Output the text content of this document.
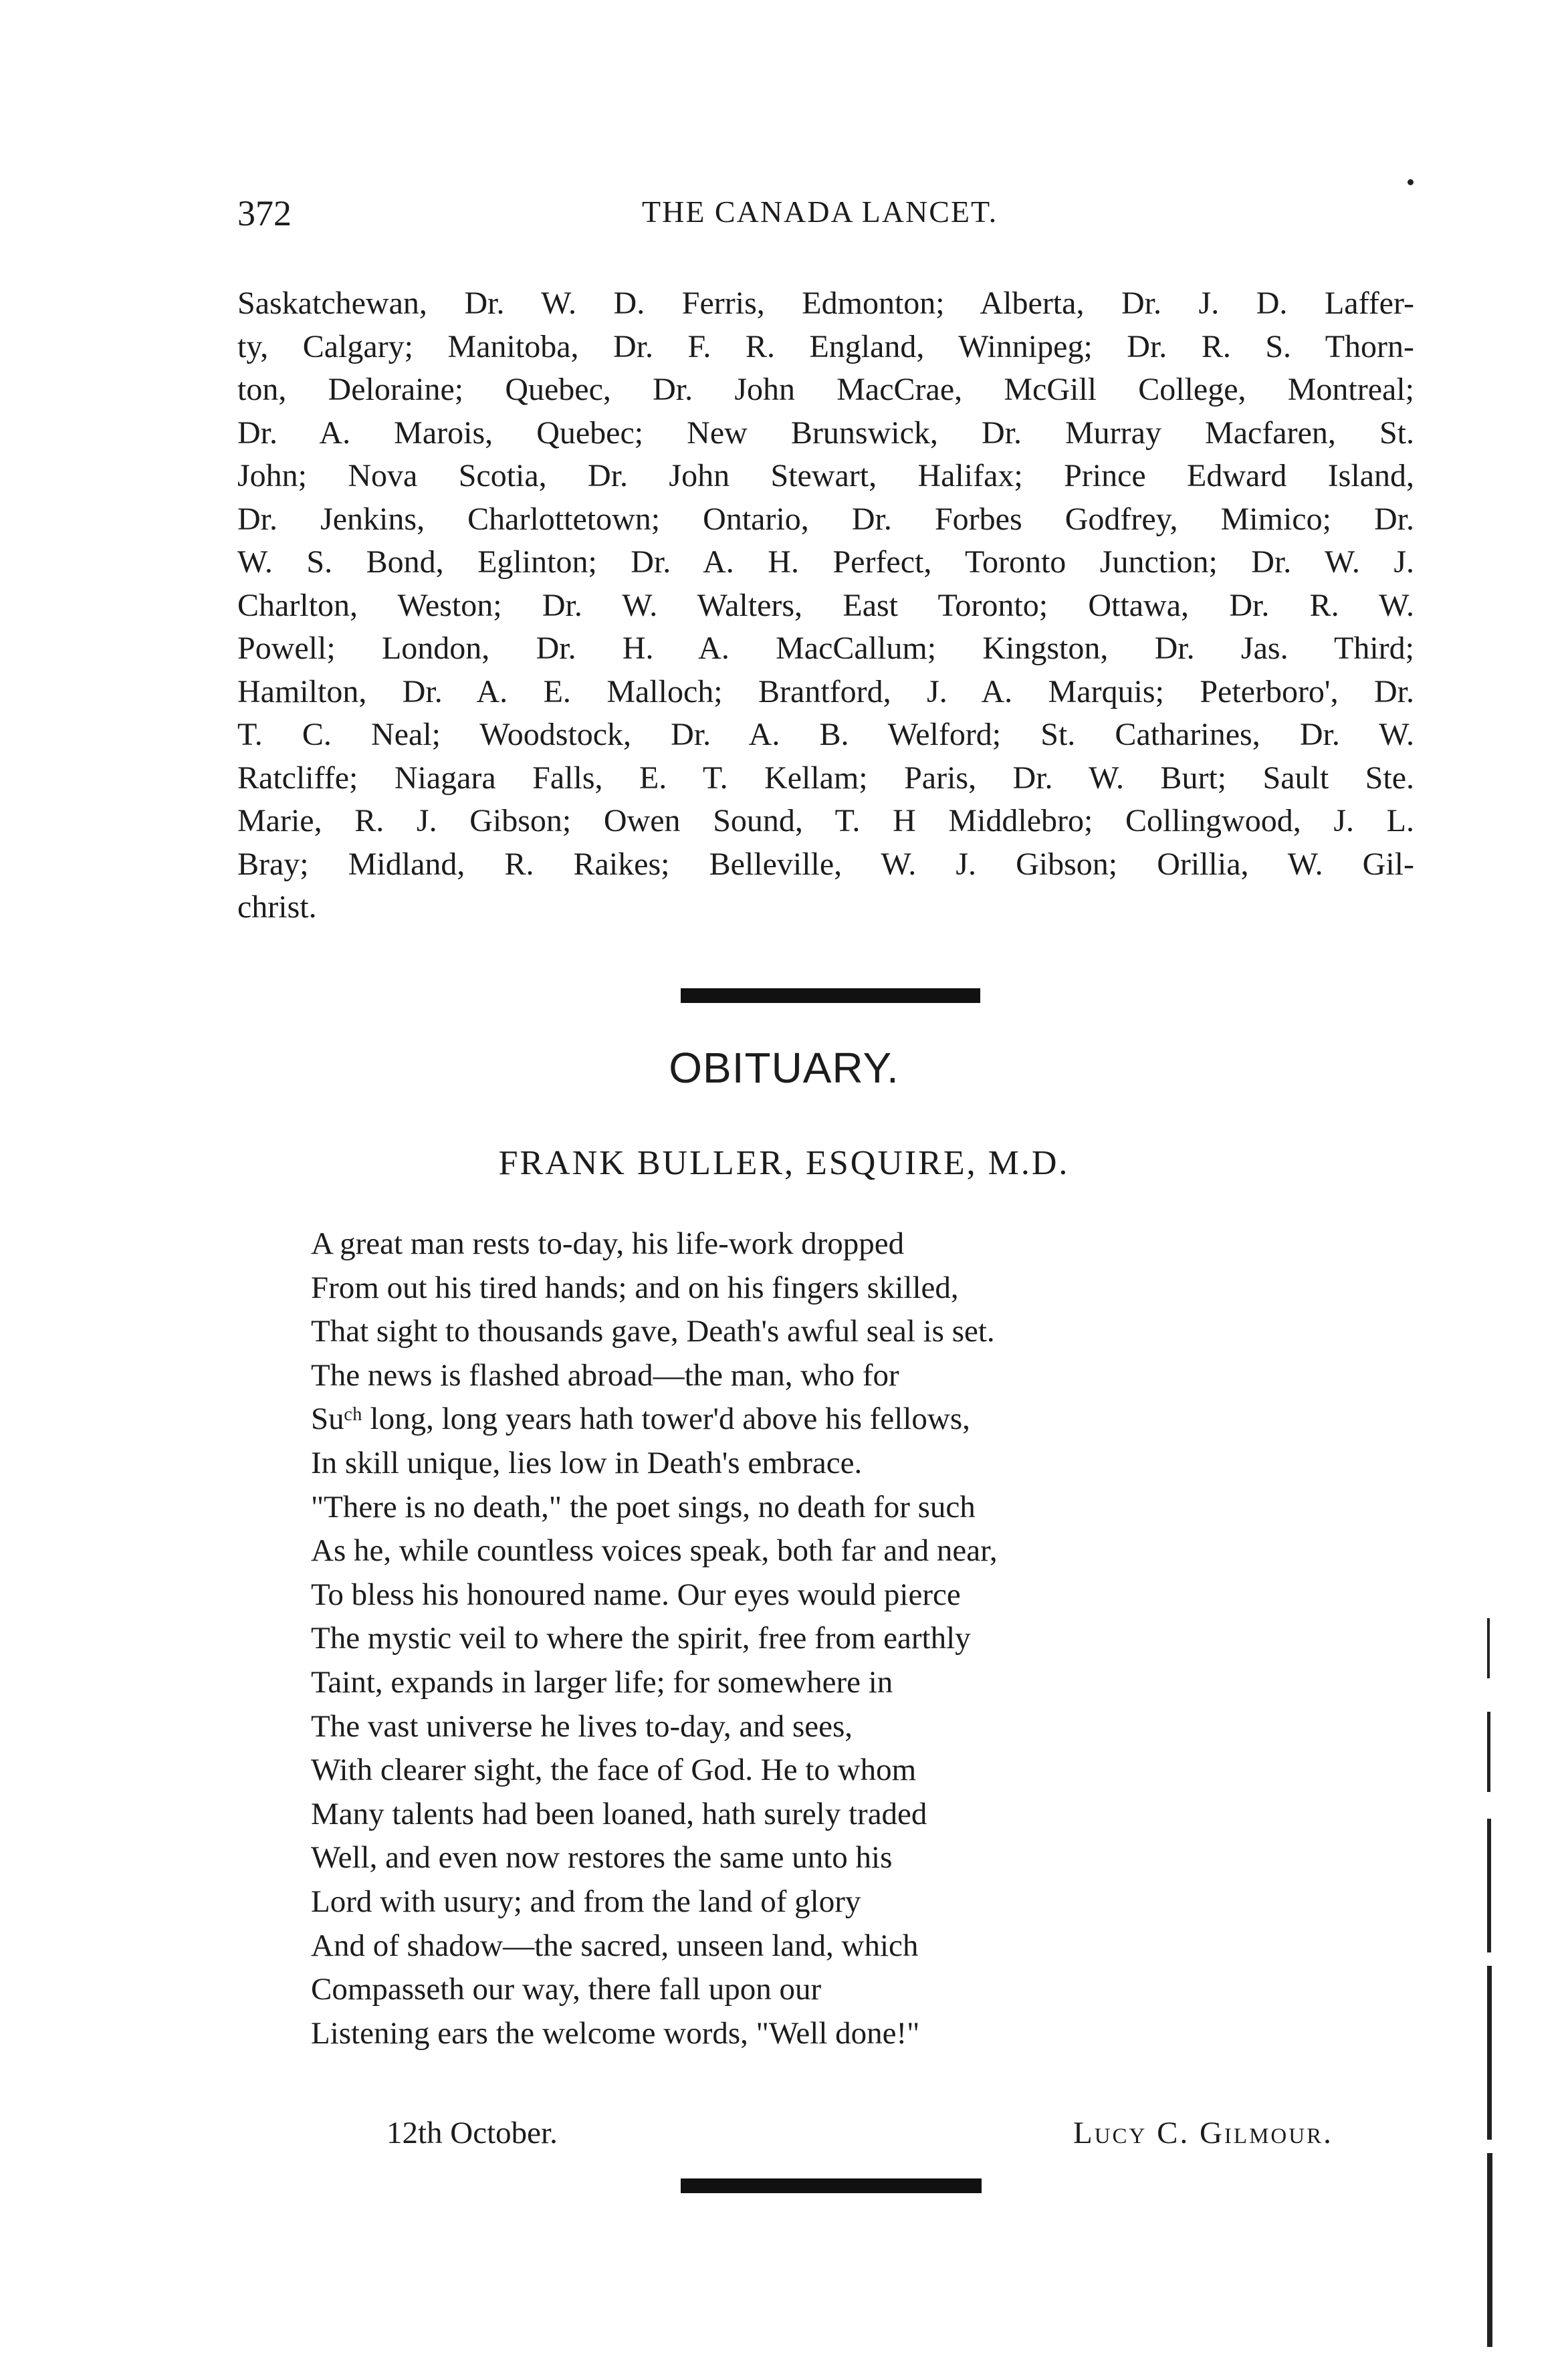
372	THE CANADA LANCET.
Saskatchewan, Dr. W. D. Ferris, Edmonton; Alberta, Dr. J. D. Laffer-
ty, Calgary; Manitoba, Dr. F. R. England, Winnipeg; Dr. R. S. Thorn-
ton, Deloraine; Quebec, Dr. John MacCrae, McGill College, Montreal;
Dr. A. Marois, Quebec; New Brunswick, Dr. Murray Macfaren, St.
John; Nova Scotia, Dr. John Stewart, Halifax; Prince Edward Island,
Dr. Jenkins, Charlottetown; Ontario, Dr. Forbes Godfrey, Mimico; Dr.
W. S. Bond, Eglinton; Dr. A. H. Perfect, Toronto Junction; Dr. W. J.
Charlton, Weston; Dr. W. Walters, East Toronto; Ottawa, Dr. R. W.
Powell; London, Dr. H. A. MacCallum; Kingston, Dr. Jas. Third;
Hamilton, Dr. A. E. Malloch; Brantford, J. A. Marquis; Peterboro', Dr.
T. C. Neal; Woodstock, Dr. A. B. Welford; St. Catharines, Dr. W.
Ratcliffe; Niagara Falls, E. T. Kellam; Paris, Dr. W. Burt; Sault Ste.
Marie, R. J. Gibson; Owen Sound, T. H Middlebro; Collingwood, J. L.
Bray; Midland, R. Raikes; Belleville, W. J. Gibson; Orillia, W. Gil-
christ.
OBITUARY.
FRANK BULLER, ESQUIRE, M.D.
A great man rests to-day, his life-work dropped
From out his tired hands; and on his fingers skilled,
That sight to thousands gave, Death's awful seal is set.
The news is flashed abroad—the man, who for
Suᶜʰ long, long years hath tower'd above his fellows,
In skill unique, lies low in Death's embrace.
"There is no death," the poet sings, no death for such
As he, while countless voices speak, both far and near,
To bless his honoured name. Our eyes would pierce
The mystic veil to where the spirit, free from earthly
Taint, expands in larger life; for somewhere in
The vast universe he lives to-day, and sees,
With clearer sight, the face of God. He to whom
Many talents had been loaned, hath surely traded
Well, and even now restores the same unto his
Lord with usury; and from the land of glory
And of shadow—the sacred, unseen land, which
Compasseth our way, there fall upon our
Listening ears the welcome words, "Well done!"
12th October.	Lucy C. Gilmour.
